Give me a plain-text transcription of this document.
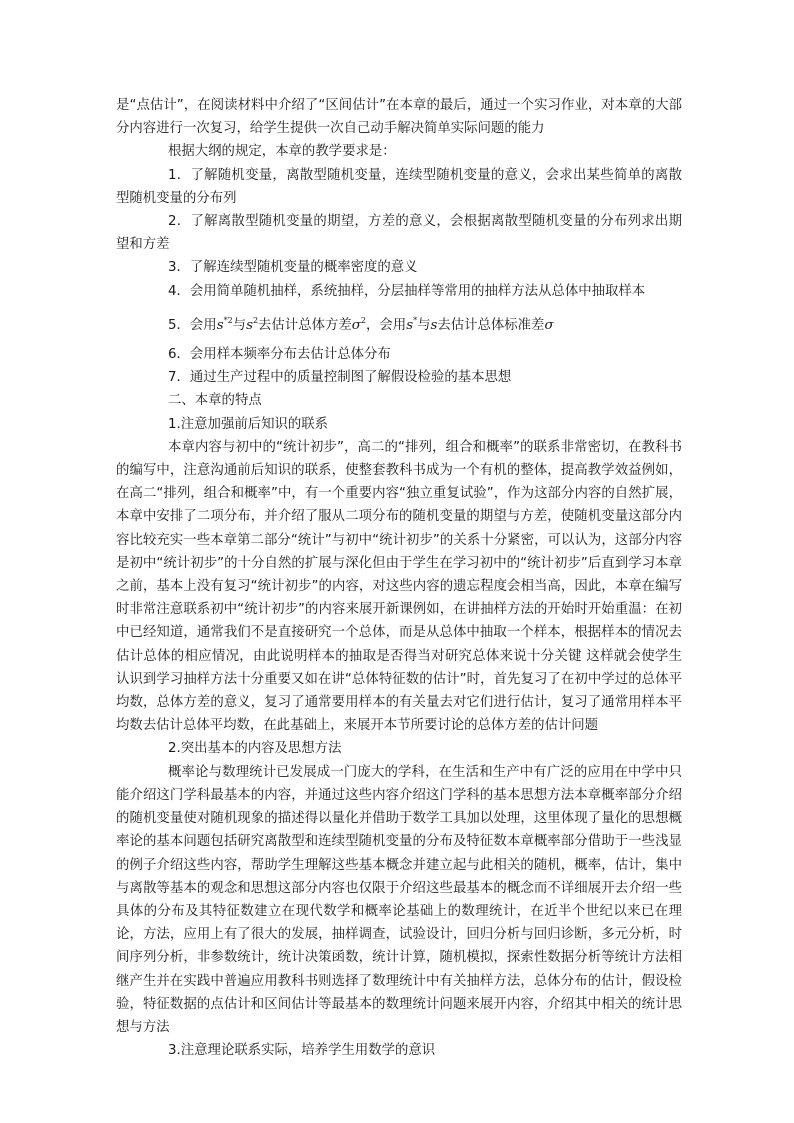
是“点估计”，在阅读材料中介绍了“区间估计”在本章的最后，通过一个实习作业，对本章的大部分内容进行一次复习，给学生提供一次自己动手解决简单实际问题的能力

根据大纲的规定，本章的教学要求是：

1．了解随机变量，离散型随机变量，连续型随机变量的意义，会求出某些简单的离散型随机变量的分布列

2．了解离散型随机变量的期望，方差的意义，会根据离散型随机变量的分布列求出期望和方差

3．了解连续型随机变量的概率密度的意义

4．会用简单随机抽样，系统抽样，分层抽样等常用的抽样方法从总体中抽取样本

5．会用$s^{*2}$与$s^2$去估计总体方差$\sigma^2$，会用s*与s去估计总体标准差σ

6．会用样本频率分布去估计总体分布

7．通过生产过程中的质量控制图了解假设检验的基本思想

二、本章的特点

1.注意加强前后知识的联系

本章内容与初中的“统计初步”，高二的“排列，组合和概率”的联系非常密切，在教科书的编写中，注意沟通前后知识的联系，使整套教科书成为一个有机的整体，提高教学效益例如，在高二“排列，组合和概率”中，有一个重要内容“独立重复试验”，作为这部分内容的自然扩展，本章中安排了二项分布，并介绍了服从二项分布的随机变量的期望与方差，使随机变量这部分内容比较充实一些本章第二部分“统计”与初中“统计初步”的关系十分紧密，可以认为，这部分内容是初中“统计初步”的十分自然的扩展与深化但由于学生在学习初中的“统计初步”后直到学习本章之前，基本上没有复习“统计初步”的内容，对这些内容的遗忘程度会相当高，因此，本章在编写时非常注意联系初中“统计初步”的内容来展开新课例如，在讲抽样方法的开始时开始重温：在初中已经知道，通常我们不是直接研究一个总体，而是从总体中抽取一个样本，根据样本的情况去估计总体的相应情况，由此说明样本的抽取是否得当对研究总体来说十分关键 这样就会使学生认识到学习抽样方法十分重要又如在讲“总体特征数的估计”时，首先复习了在初中学过的总体平均数，总体方差的意义，复习了通常要用样本的有关量去对它们进行估计，复习了通常用样本平均数去估计总体平均数，在此基础上，来展开本节所要讨论的总体方差的估计问题

2.突出基本的内容及思想方法

概率论与数理统计已发展成一门庞大的学科，在生活和生产中有广泛的应用在中学中只能介绍这门学科最基本的内容，并通过这些内容介绍这门学科的基本思想方法本章概率部分介绍的随机变量使对随机现象的描述得以量化并借助于数学工具加以处理，这里体现了量化的思想概率论的基本问题包括研究离散型和连续型随机变量的分布及特征数本章概率部分借助于一些浅显的例子介绍这些内容，帮助学生理解这些基本概念并建立起与此相关的随机，概率，估计，集中与离散等基本的观念和思想这部分内容也仅限于介绍这些最基本的概念而不详细展开去介绍一些具体的分布及其特征数建立在现代数学和概率论基础上的数理统计，在近半个世纪以来已在理论，方法，应用上有了很大的发展，抽样调查，试验设计，回归分析与回归诊断，多元分析，时间序列分析，非参数统计，统计决策函数，统计计算，随机模拟，探索性数据分析等统计方法相继产生并在实践中普遍应用教科书则选择了数理统计中有关抽样方法，总体分布的估计，假设检验，特征数据的点估计和区间估计等最基本的数理统计问题来展开内容，介绍其中相关的统计思想与方法

3.注意理论联系实际，培养学生用数学的意识
